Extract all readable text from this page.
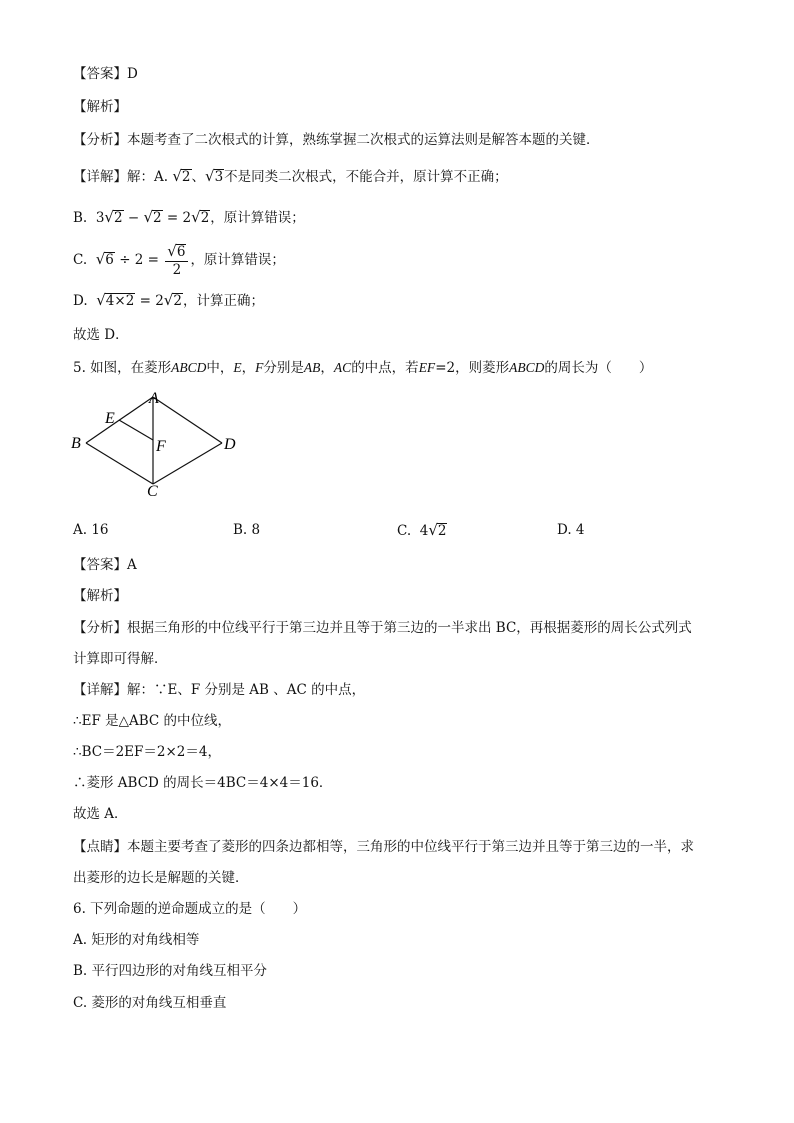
【答案】D
【解析】
【分析】本题考查了二次根式的计算，熟练掌握二次根式的运算法则是解答本题的关键．
【详解】解：A. √2、√3不是同类二次根式，不能合并，原计算不正确；
B. 3√2 − √2 = 2√2，原计算错误；
C. $√6 \div 2 = \frac{√6}{2}$ ，原计算错误；
D. √4×2 = 2√2，计算正确；
故选 D．
5. 如图，在菱形ABCD中，E，F分别是AB，AC的中点，若EF=2，则菱形ABCD的周长为（　　）
A
E
B	F	D
C
A. 16	B. 8	C. 4√2	D. 4
【答案】A
【解析】
【分析】根据三角形的中位线平行于第三边并且等于第三边的一半求出 BC，再根据菱形的周长公式列式
计算即可得解．
【详解】解：∵E、F 分别是 AB 、AC 的中点，
∴EF 是△ABC 的中位线，
∴BC＝2EF＝2×2＝4，
∴菱形 ABCD 的周长＝4BC＝4×4＝16．
故选 A．
【点睛】本题主要考查了菱形的四条边都相等，三角形的中位线平行于第三边并且等于第三边的一半，求
出菱形的边长是解题的关键．
6. 下列命题的逆命题成立的是（　　）
A. 矩形的对角线相等
B. 平行四边形的对角线互相平分
C. 菱形的对角线互相垂直
